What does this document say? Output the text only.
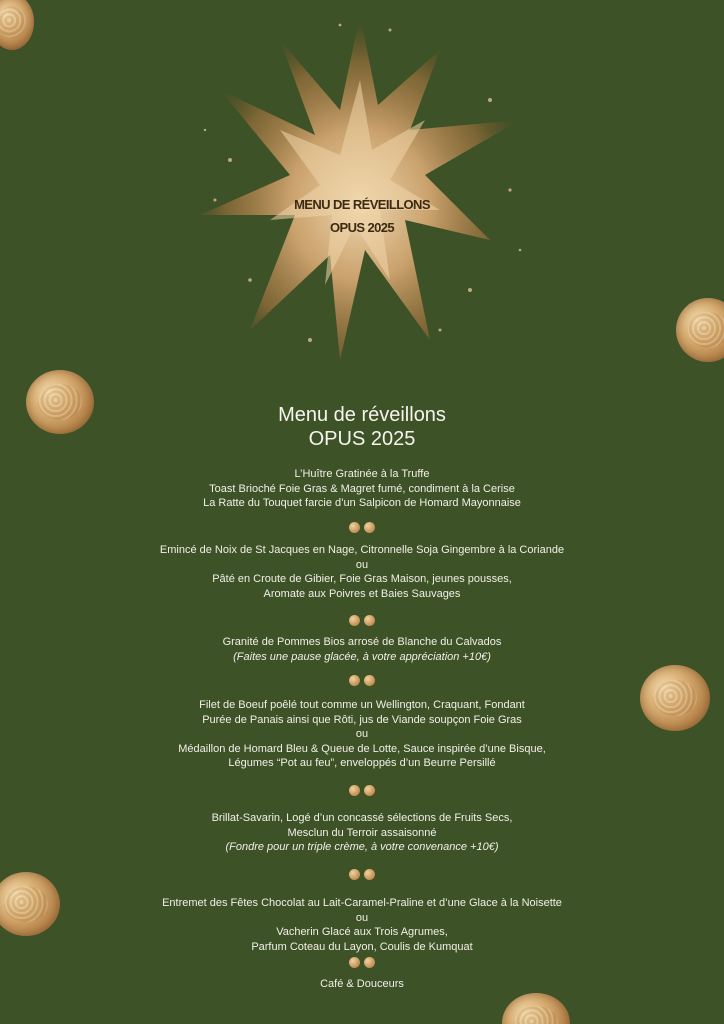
MENU DE RÉVEILLONS
OPUS 2025
Menu de réveillons
OPUS 2025
L’Huître Gratinée à la Truffe
Toast Brioché Foie Gras & Magret fumé, condiment à la Cerise
La Ratte du Touquet farcie d’un Salpicon de Homard Mayonnaise
Emincé de Noix de St Jacques en Nage, Citronnelle Soja Gingembre à la Coriande
ou
Pâté en Croute de Gibier, Foie Gras Maison, jeunes pousses,
Aromate aux Poivres et Baies Sauvages
Granité de Pommes Bios arrosé de Blanche du Calvados
(Faites une pause glacée, à votre appréciation +10€)
Filet de Boeuf poêlé tout comme un Wellington, Craquant, Fondant
Purée de Panais ainsi que Rôti, jus de Viande soupçon Foie Gras
ou
Médaillon de Homard Bleu & Queue de Lotte, Sauce inspirée d’une Bisque,
Légumes “Pot au feu”, enveloppés d’un Beurre Persillé
Brillat-Savarin, Logé d’un concassé sélections de Fruits Secs,
Mesclun du Terroir assaisonné
(Fondre pour un triple crème, à votre convenance +10€)
Entremet des Fêtes Chocolat au Lait-Caramel-Praline et d’une Glace à la Noisette
ou
Vacherin Glacé aux Trois Agrumes,
Parfum Coteau du Layon, Coulis de Kumquat
Café & Douceurs
